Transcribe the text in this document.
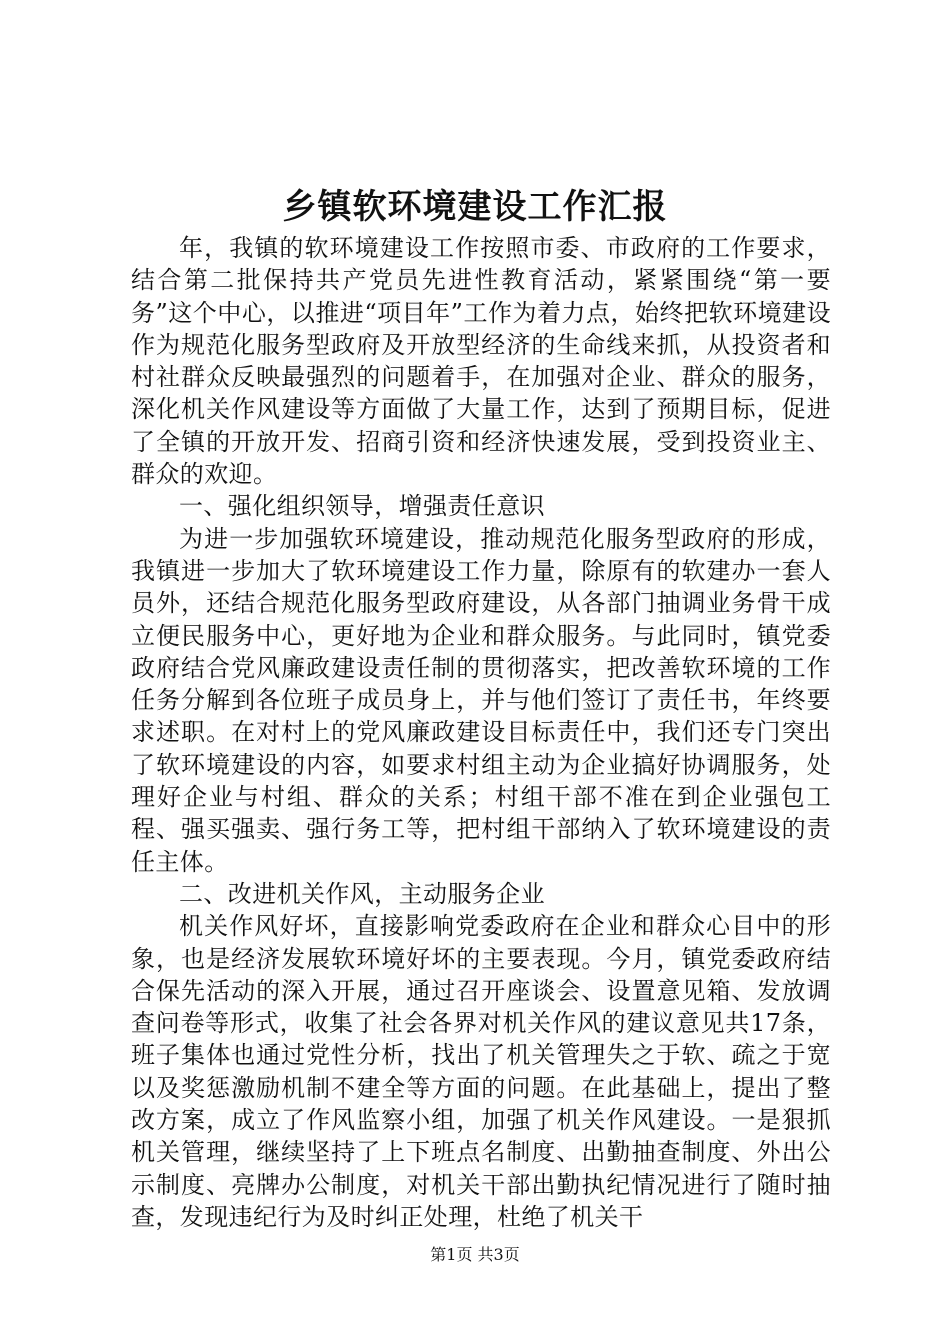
乡镇软环境建设工作汇报

年，我镇的软环境建设工作按照市委、市政府的工作要求，结合第二批保持共产党员先进性教育活动，紧紧围绕“第一要务”这个中心，以推进“项目年”工作为着力点，始终把软环境建设作为规范化服务型政府及开放型经济的生命线来抓，从投资者和村社群众反映最强烈的问题着手，在加强对企业、群众的服务，深化机关作风建设等方面做了大量工作，达到了预期目标，促进了全镇的开放开发、招商引资和经济快速发展，受到投资业主、群众的欢迎。

一、强化组织领导，增强责任意识

为进一步加强软环境建设，推动规范化服务型政府的形成，我镇进一步加大了软环境建设工作力量，除原有的软建办一套人员外，还结合规范化服务型政府建设，从各部门抽调业务骨干成立便民服务中心，更好地为企业和群众服务。与此同时，镇党委政府结合党风廉政建设责任制的贯彻落实，把改善软环境的工作任务分解到各位班子成员身上，并与他们签订了责任书，年终要求述职。在对村上的党风廉政建设目标责任中，我们还专门突出了软环境建设的内容，如要求村组主动为企业搞好协调服务，处理好企业与村组、群众的关系；村组干部不准在到企业强包工程、强买强卖、强行务工等，把村组干部纳入了软环境建设的责任主体。

二、改进机关作风，主动服务企业

机关作风好坏，直接影响党委政府在企业和群众心目中的形象，也是经济发展软环境好坏的主要表现。今月，镇党委政府结合保先活动的深入开展，通过召开座谈会、设置意见箱、发放调查问卷等形式，收集了社会各界对机关作风的建议意见共17条，班子集体也通过党性分析，找出了机关管理失之于软、疏之于宽以及奖惩激励机制不建全等方面的问题。在此基础上，提出了整改方案，成立了作风监察小组，加强了机关作风建设。一是狠抓机关管理，继续坚持了上下班点名制度、出勤抽查制度、外出公示制度、亮牌办公制度，对机关干部出勤执纪情况进行了随时抽查，发现违纪行为及时纠正处理，杜绝了机关干

第1页 共3页
